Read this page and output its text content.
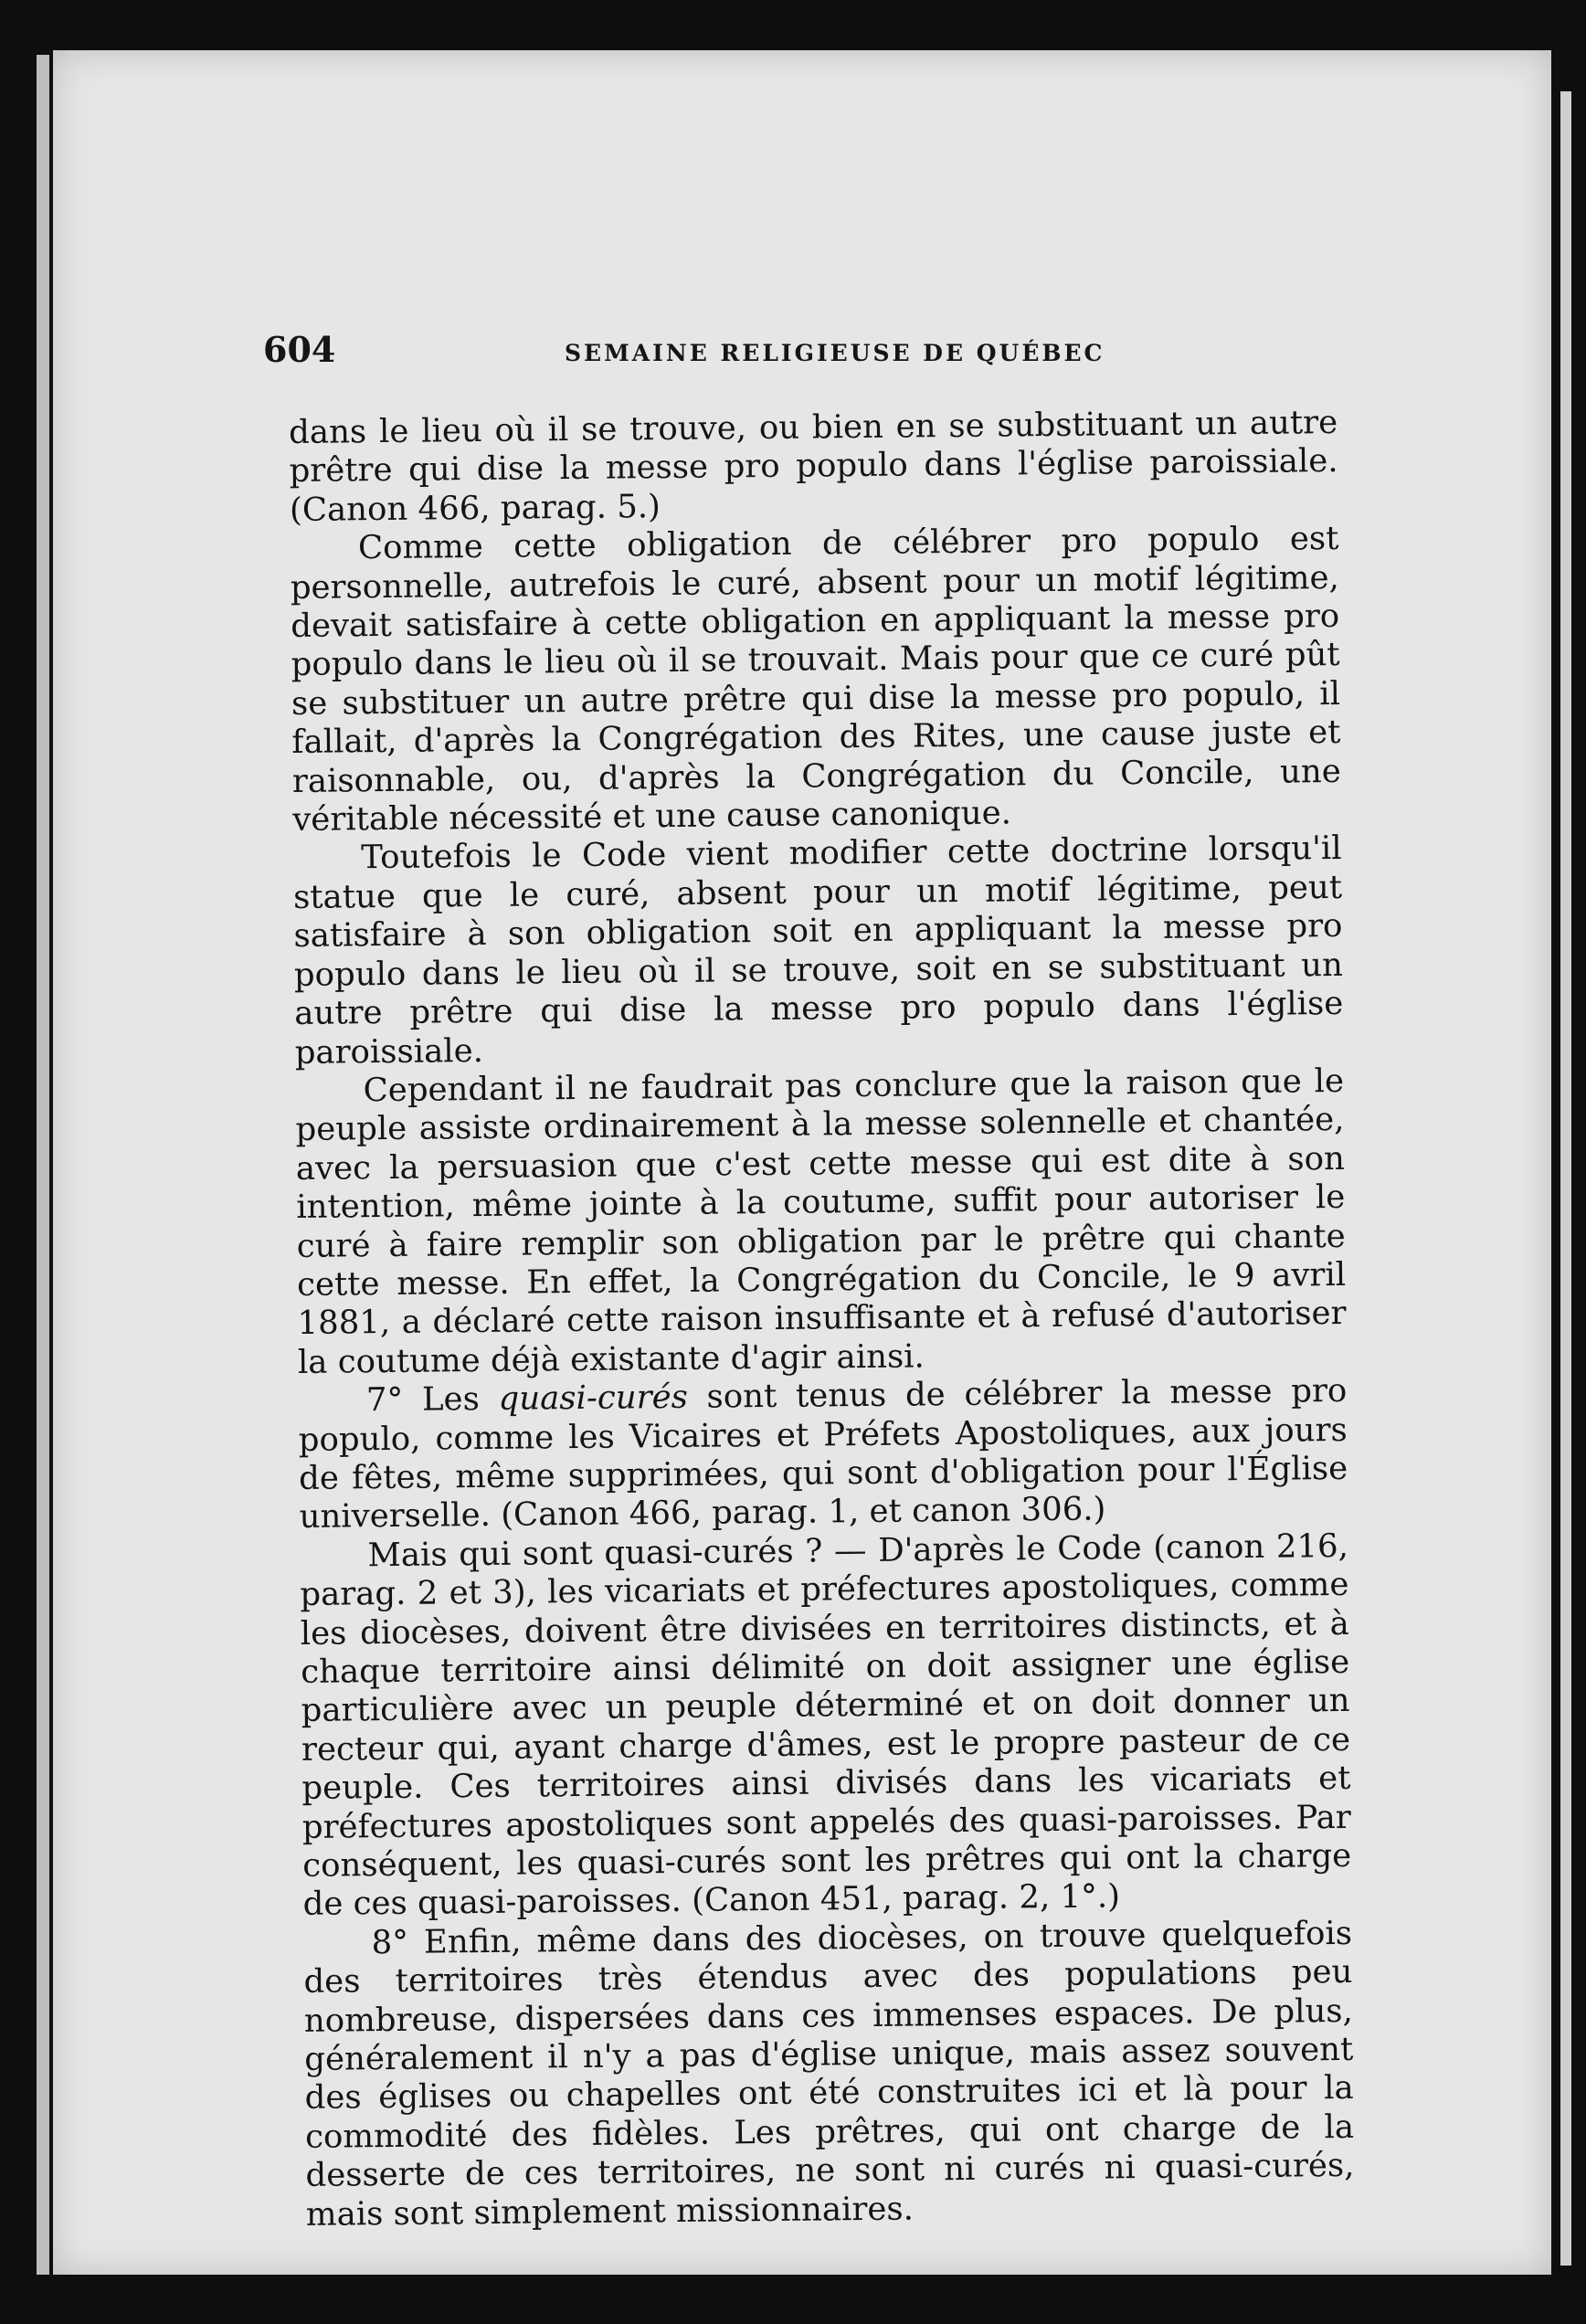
604	SEMAINE RELIGIEUSE DE QUÉBEC

dans le lieu où il se trouve, ou bien en se substituant un autre prêtre qui dise la messe pro populo dans l'église paroissiale. (Canon 466, parag. 5.)

Comme cette obligation de célébrer pro populo est personnelle, autrefois le curé, absent pour un motif légitime, devait satisfaire à cette obligation en appliquant la messe pro populo dans le lieu où il se trouvait. Mais pour que ce curé pût se substituer un autre prêtre qui dise la messe pro populo, il fallait, d'après la Congrégation des Rites, une cause juste et raisonnable, ou, d'après la Congrégation du Concile, une véritable nécessité et une cause canonique.

Toutefois le Code vient modifier cette doctrine lorsqu'il statue que le curé, absent pour un motif légitime, peut satisfaire à son obligation soit en appliquant la messe pro populo dans le lieu où il se trouve, soit en se substituant un autre prêtre qui dise la messe pro populo dans l'église paroissiale.

Cependant il ne faudrait pas conclure que la raison que le peuple assiste ordinairement à la messe solennelle et chantée, avec la persuasion que c'est cette messe qui est dite à son intention, même jointe à la coutume, suffit pour autoriser le curé à faire remplir son obligation par le prêtre qui chante cette messe. En effet, la Congrégation du Concile, le 9 avril 1881, a déclaré cette raison insuffisante et à refusé d'autoriser la coutume déjà existante d'agir ainsi.

7° Les quasi-curés sont tenus de célébrer la messe pro populo, comme les Vicaires et Préfets Apostoliques, aux jours de fêtes, même supprimées, qui sont d'obligation pour l'Église universelle. (Canon 466, parag. 1, et canon 306.)

Mais qui sont quasi-curés ? — D'après le Code (canon 216, parag. 2 et 3), les vicariats et préfectures apostoliques, comme les diocèses, doivent être divisées en territoires distincts, et à chaque territoire ainsi délimité on doit assigner une église particulière avec un peuple déterminé et on doit donner un recteur qui, ayant charge d'âmes, est le propre pasteur de ce peuple. Ces territoires ainsi divisés dans les vicariats et préfectures apostoliques sont appelés des quasi-paroisses. Par conséquent, les quasi-curés sont les prêtres qui ont la charge de ces quasi-paroisses. (Canon 451, parag. 2, 1°.)

8° Enfin, même dans des diocèses, on trouve quelquefois des territoires très étendus avec des populations peu nombreuse, dispersées dans ces immenses espaces. De plus, généralement il n'y a pas d'église unique, mais assez souvent des églises ou chapelles ont été construites ici et là pour la commodité des fidèles. Les prêtres, qui ont charge de la desserte de ces territoires, ne sont ni curés ni quasi-curés, mais sont simplement missionnaires.
